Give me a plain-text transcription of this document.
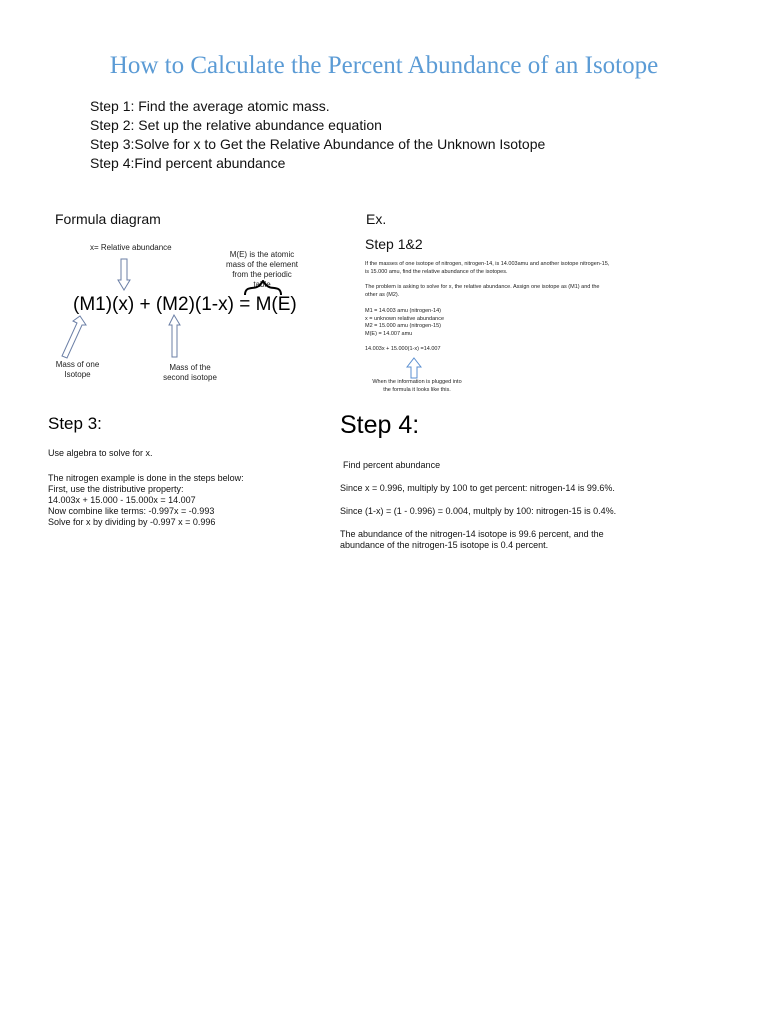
How to Calculate the Percent Abundance of an Isotope
Step 1: Find the average atomic mass.
Step 2: Set up the relative abundance equation
Step 3:Solve for x to Get the Relative Abundance of the Unknown Isotope
Step 4:Find percent abundance
Formula diagram
x= Relative abundance
M(E) is the atomic
mass of the element
from the periodic
table
(M1)(x) + (M2)(1-x) = M(E)
Mass of one
Isotope
Mass of the
second isotope
Ex.
Step 1&2
If the masses of one isotope of nitrogen, nitrogen-14, is 14.003amu and another isotope nitrogen-15, is 15.000 amu, find the relative abundance of the isotopes.
The problem is asking to solve for x, the relative abundance. Assign one isotope as (M1) and the other as (M2).
M1 = 14.003 amu (nitrogen-14)
x = unknown relative abundance
M2 = 15.000 amu (nitrogen-15)
M(E) = 14.007 amu
14.003x + 15.000(1-x) =14.007
When the information is plugged into
the formula it looks like this.
Step 3:
Use algebra to solve for x.
The nitrogen example is done in the steps below:
First, use the distributive property:
14.003x + 15.000 - 15.000x = 14.007
Now combine like terms: -0.997x = -0.993
Solve for x by dividing by -0.997 x = 0.996
Step 4:
Find percent abundance
Since x = 0.996, multiply by 100 to get percent: nitrogen-14 is 99.6%.
Since (1-x) = (1 - 0.996) = 0.004, multply by 100: nitrogen-15 is 0.4%.
The abundance of the nitrogen-14 isotope is 99.6 percent, and the
abundance of the nitrogen-15 isotope is 0.4 percent.
